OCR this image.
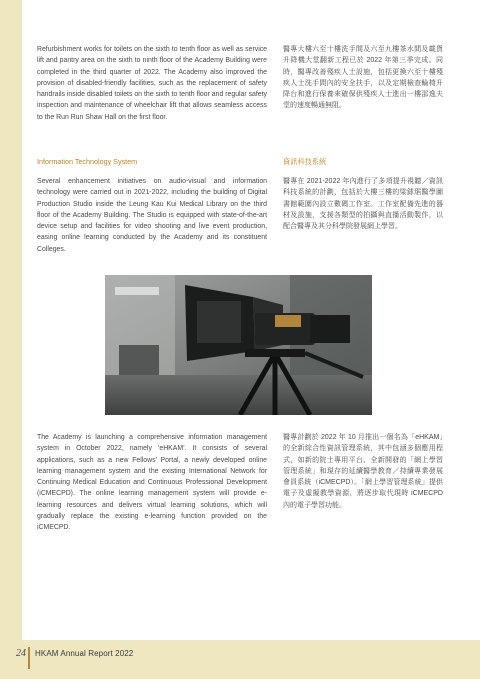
Refurbishment works for toilets on the sixth to tenth floor as well as service lift and pantry area on the sixth to ninth floor of the Academy Building were completed in the third quarter of 2022. The Academy also improved the provision of disabled-friendly facilities, such as the replacement of safety handrails inside disabled toilets on the sixth to tenth floor and regular safety inspection and maintenance of wheelchair lift that allows seamless access to the Run Run Shaw Hall on the first floor.

醫專大樓六至十樓洗手間及六至九樓茶水間及載貨升降機大堂翻新工程已於 2022 年第三季完成。同時，醫專改善殘疾人士設施，包括更換六至十樓殘疾人士洗手間內的安全扶手，以及定期檢查輪椅升降台和進行保養來確保供殘疾人士進出一樓邵逸夫堂的速度暢通無阻。

Information Technology System	資訊科技系統

Several enhancement initiatives on audio-visual and information technology were carried out in 2021-2022, including the building of Digital Production Studio inside the Leung Kau Kui Medical Library on the third floor of the Academy Building. The Studio is equipped with state-of-the-art device setup and facilities for video shooting and live event production, easing online learning conducted by the Academy and its constituent Colleges.

醫專在 2021-2022 年內進行了多項提升視聽／資訊科技系統的計劃，包括於大樓三樓的梁銶琚醫學圖書館範圍內設立數碼工作室。工作室配備先進的器材及設施，支援各類型的拍攝與直播活動製作，以配合醫專及其分科學院發展網上學習。

The Academy is launching a comprehensive information management system in October 2022, namely ‘eHKAM’. It consists of several applications, such as a new Fellows’ Portal, a newly developed online learning management system and the existing International Network for Continuing Medical Education and Continuous Professional Development (iCMECPD). The online learning management system will provide e-learning resources and delivers virtual learning solutions, which will gradually replace the existing e-learning function provided on the iCMECPD.

醫專計劃於 2022 年 10 月推出一個名為「eHKAM」的全新綜合性資訊管理系統，其中包涵多個應用程式，如新的院士專用平台、全新開發的「網上學習管理系統」和現存的延續醫學教育／持續專業發展會員系統（iCMECPD）。「網上學習管理系統」提供電子及虛擬教學資源，將逐步取代現時 iCMECPD 內的電子學習功能。

24 HKAM Annual Report 2022
